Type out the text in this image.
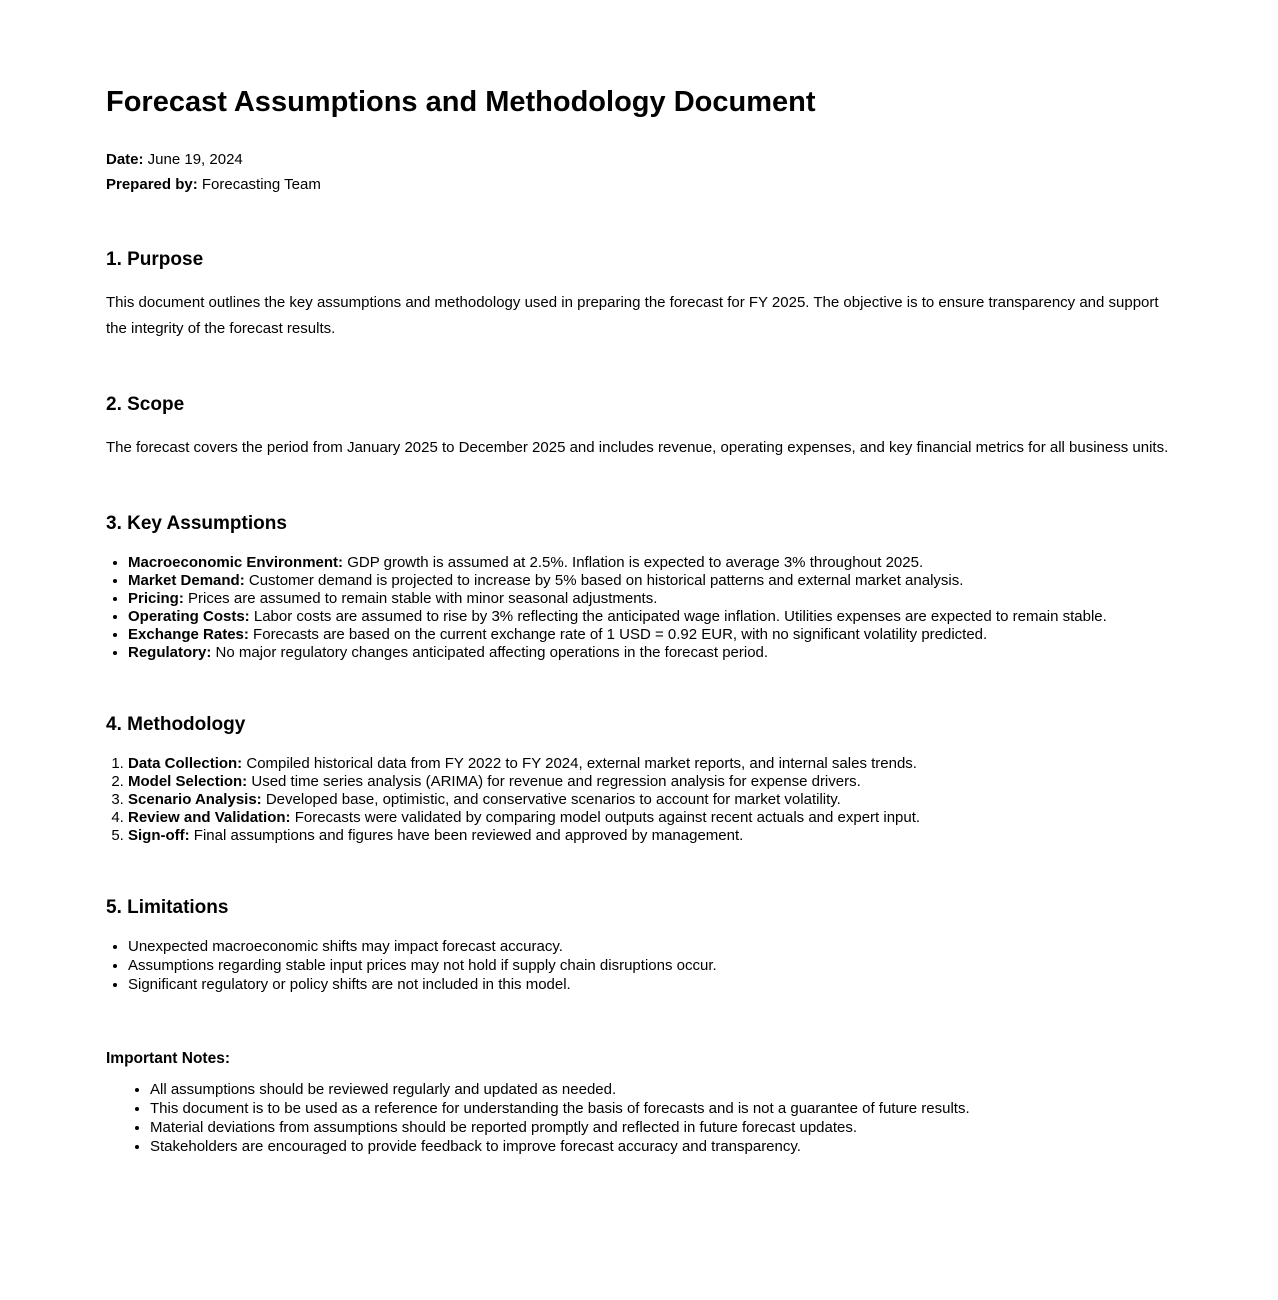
Forecast Assumptions and Methodology Document

Date: June 19, 2024

Prepared by: Forecasting Team

1. Purpose

This document outlines the key assumptions and methodology used in preparing the forecast for FY 2025. The objective is to ensure transparency and support the integrity of the forecast results.

2. Scope

The forecast covers the period from January 2025 to December 2025 and includes revenue, operating expenses, and key financial metrics for all business units.

3. Key Assumptions
• Macroeconomic Environment: GDP growth is assumed at 2.5%. Inflation is expected to average 3% throughout 2025.
• Market Demand: Customer demand is projected to increase by 5% based on historical patterns and external market analysis.
• Pricing: Prices are assumed to remain stable with minor seasonal adjustments.
• Operating Costs: Labor costs are assumed to rise by 3% reflecting the anticipated wage inflation. Utilities expenses are expected to remain stable.
• Exchange Rates: Forecasts are based on the current exchange rate of 1 USD = 0.92 EUR, with no significant volatility predicted.
• Regulatory: No major regulatory changes anticipated affecting operations in the forecast period.
4. Methodology
1. Data Collection: Compiled historical data from FY 2022 to FY 2024, external market reports, and internal sales trends.
2. Model Selection: Used time series analysis (ARIMA) for revenue and regression analysis for expense drivers.
3. Scenario Analysis: Developed base, optimistic, and conservative scenarios to account for market volatility.
4. Review and Validation: Forecasts were validated by comparing model outputs against recent actuals and expert input.
5. Sign-off: Final assumptions and figures have been reviewed and approved by management.
5. Limitations
• Unexpected macroeconomic shifts may impact forecast accuracy.
• Assumptions regarding stable input prices may not hold if supply chain disruptions occur.
• Significant regulatory or policy shifts are not included in this model.

Important Notes:

• All assumptions should be reviewed regularly and updated as needed.
• This document is to be used as a reference for understanding the basis of forecasts and is not a guarantee of future results.
• Material deviations from assumptions should be reported promptly and reflected in future forecast updates.
• Stakeholders are encouraged to provide feedback to improve forecast accuracy and transparency.
